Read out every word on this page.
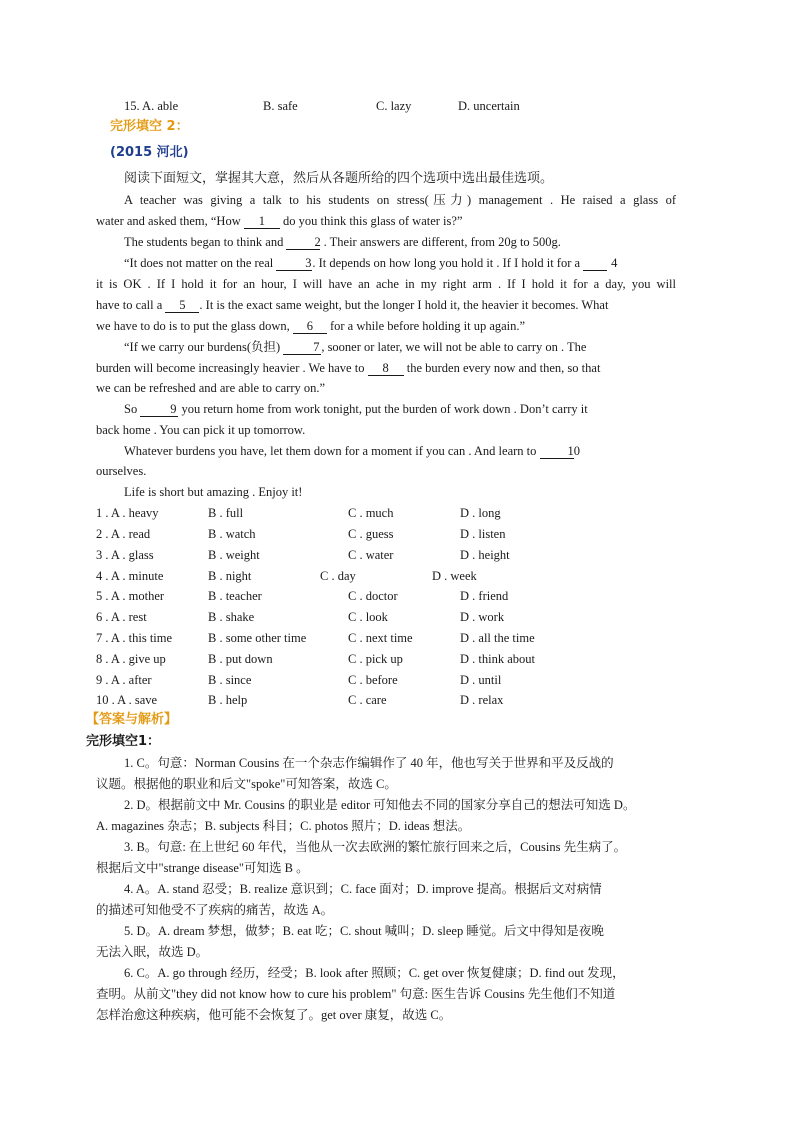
15. A. able	B. safe	C. lazy	D. uncertain
完形填空 2：
(2015 河北)
阅读下面短文，掌握其大意，然后从各题所给的四个选项中选出最佳选项。
A teacher was giving a talk to his students on stress(压力) management . He raised a glass of
water and asked them, “How 1 do you think this glass of water is?”
The students began to think and 2 . Their answers are different, from 20g to 500g.
“It does not matter on the real	3. It depends on how long you hold it . If I hold it for a 4
it is OK . If I hold it for an hour, I will have an ache in my right arm . If I hold it for a day, you will
have to call a 5 . It is the exact same weight, but the longer I hold it, the heavier it becomes. What
we have to do is to put the glass down, 6 for a while before holding it up again.”
“If we carry our burdens(负担)	7 , sooner or later, we will not be able to carry on . The
burden will become increasingly heavier . We have to 8 the burden every now and then, so that
we can be refreshed and are able to carry on.”
So	9 you return home from work tonight, put the burden of work down . Don’t carry it
back home . You can pick it up tomorrow.
Whatever burdens you have, let them down for a moment if you can . And learn to 10
ourselves.
Life is short but amazing . Enjoy it!
1 . A . heavy	B . full	C . much	D . long
2 . A . read	B . watch	C . guess	D . listen
3 . A . glass	B . weight	C . water	D . height
4 . A . minute	B . night	C . day	D . week
5 . A . mother	B . teacher	C . doctor	D . friend
6 . A . rest	B . shake	C . look	D . work
7 . A . this time	B . some other time	C . next time	D . all the time
8 . A . give up	B . put down	C . pick up	D . think about
9 . A . after	B . since	C . before	D . until
10 . A . save	B . help	C . care	D . relax
【答案与解析】
完形填空1：
1. C。句意：Norman Cousins 在一个杂志作编辑作了 40 年，他也写关于世界和平及反战的
议题。根据他的职业和后文"spoke"可知答案，故选 C。
2. D。根据前文中 Mr. Cousins 的职业是 editor 可知他去不同的国家分享自己的想法可知选 D。
A. magazines 杂志；B. subjects 科目；C. photos 照片；D. ideas 想法。
3. B。句意: 在上世纪 60 年代，当他从一次去欧洲的繁忙旅行回来之后，Cousins 先生病了。
根据后文中"strange disease"可知选 B 。
4. A。A. stand 忍受；B. realize 意识到；C. face 面对；D. improve 提高。根据后文对病情
的描述可知他受不了疾病的痛苦，故选 A。
5. D。A. dream 梦想，做梦；B. eat 吃；C. shout 喊叫；D. sleep 睡觉。后文中得知是夜晚
无法入眠，故选 D。
6. C。A. go through 经历，经受；B. look after 照顾；C. get over 恢复健康；D. find out 发现，
查明。从前文"they did not know how to cure his problem" 句意: 医生告诉 Cousins 先生他们不知道
怎样治愈这种疾病，他可能不会恢复了。get over 康复，故选 C。
